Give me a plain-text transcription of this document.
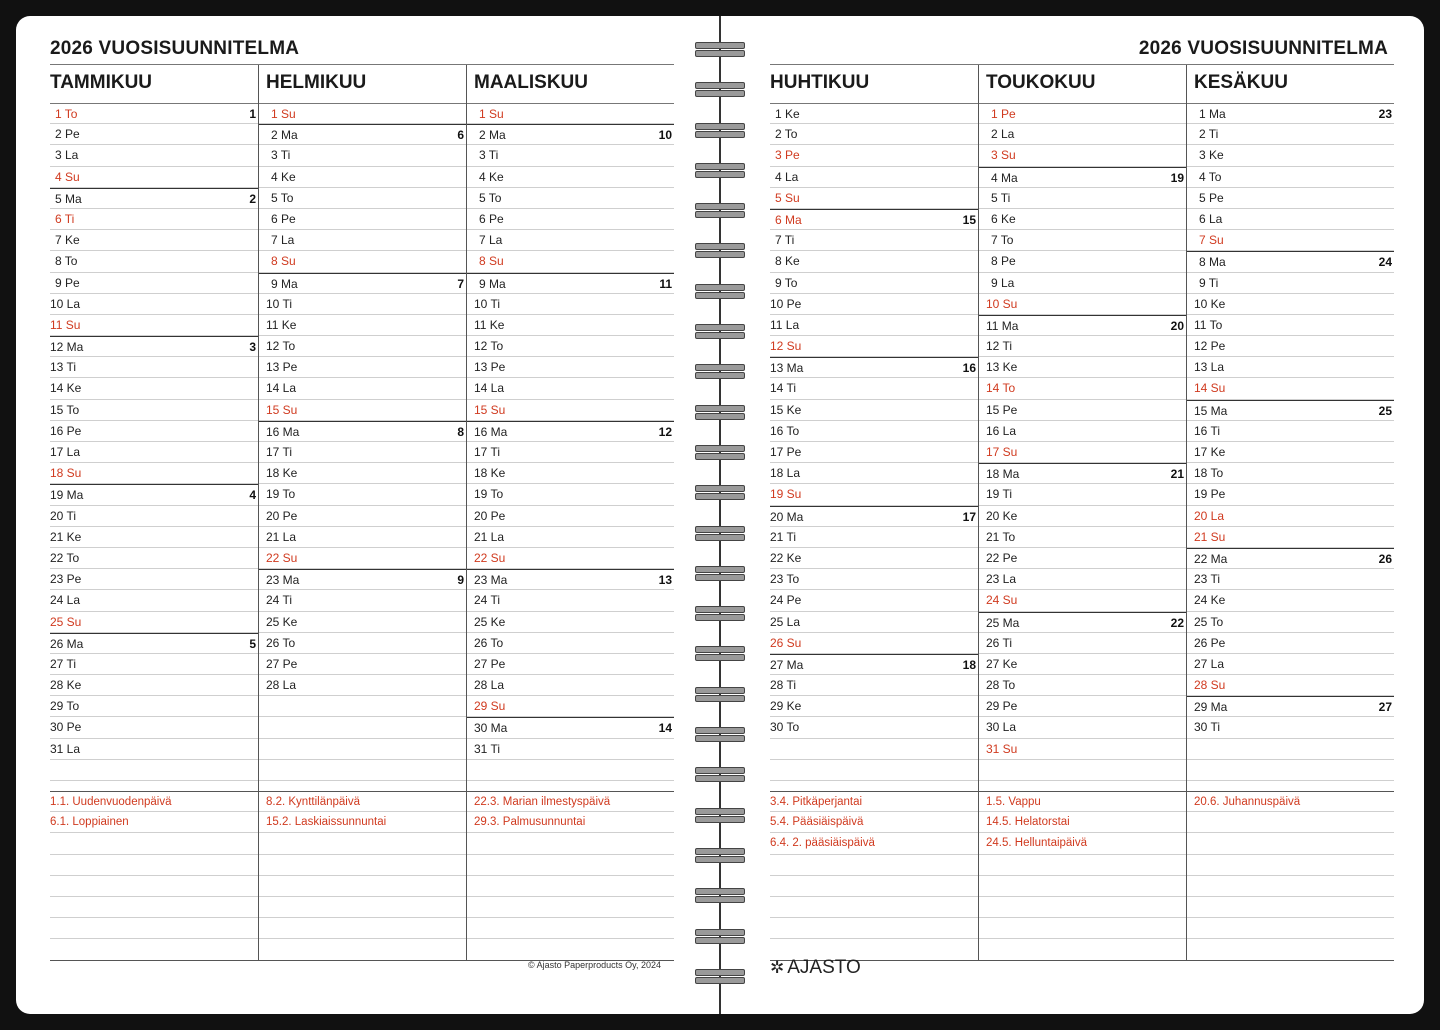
2026 VUOSISUUNNITELMA
TAMMIKUU
1 To	1
2 Pe
3 La
4 Su
5 Ma	2
6 Ti
7 Ke
8 To
9 Pe
10 La
11 Su
12 Ma	3
13 Ti
14 Ke
15 To
16 Pe
17 La
18 Su
19 Ma	4
20 Ti
21 Ke
22 To
23 Pe
24 La
25 Su
26 Ma	5
27 Ti
28 Ke
29 To
30 Pe
31 La
1.1. Uudenvuodenpäivä
6.1. Loppiainen
HELMIKUU
1 Su
2 Ma	6
3 Ti
4 Ke
5 To
6 Pe
7 La
8 Su
9 Ma	7
10 Ti
11 Ke
12 To
13 Pe
14 La
15 Su
16 Ma	8
17 Ti
18 Ke
19 To
20 Pe
21 La
22 Su
23 Ma	9
24 Ti
25 Ke
26 To
27 Pe
28 La
8.2. Kynttilänpäivä
15.2. Laskiaissunnuntai
MAALISKUU
1 Su
2 Ma	10
3 Ti
4 Ke
5 To
6 Pe
7 La
8 Su
9 Ma	11
10 Ti
11 Ke
12 To
13 Pe
14 La
15 Su
16 Ma	12
17 Ti
18 Ke
19 To
20 Pe
21 La
22 Su
23 Ma	13
24 Ti
25 Ke
26 To
27 Pe
28 La
29 Su
30 Ma	14
31 Ti
22.3. Marian ilmestyspäivä
29.3. Palmusunnuntai
© Ajasto Paperproducts Oy, 2024
2026 VUOSISUUNNITELMA
HUHTIKUU
1 Ke
2 To
3 Pe
4 La
5 Su
6 Ma	15
7 Ti
8 Ke
9 To
10 Pe
11 La
12 Su
13 Ma	16
14 Ti
15 Ke
16 To
17 Pe
18 La
19 Su
20 Ma	17
21 Ti
22 Ke
23 To
24 Pe
25 La
26 Su
27 Ma	18
28 Ti
29 Ke
30 To
3.4. Pitkäperjantai
5.4. Pääsiäispäivä
6.4. 2. pääsiäispäivä
TOUKOKUU
1 Pe
2 La
3 Su
4 Ma	19
5 Ti
6 Ke
7 To
8 Pe
9 La
10 Su
11 Ma	20
12 Ti
13 Ke
14 To
15 Pe
16 La
17 Su
18 Ma	21
19 Ti
20 Ke
21 To
22 Pe
23 La
24 Su
25 Ma	22
26 Ti
27 Ke
28 To
29 Pe
30 La
31 Su
1.5. Vappu
14.5. Helatorstai
24.5. Helluntaipäivä
KESÄKUU
1 Ma	23
2 Ti
3 Ke
4 To
5 Pe
6 La
7 Su
8 Ma	24
9 Ti
10 Ke
11 To
12 Pe
13 La
14 Su
15 Ma	25
16 Ti
17 Ke
18 To
19 Pe
20 La
21 Su
22 Ma	26
23 Ti
24 Ke
25 To
26 Pe
27 La
28 Su
29 Ma	27
30 Ti
20.6. Juhannuspäivä
✲ AJASTO
